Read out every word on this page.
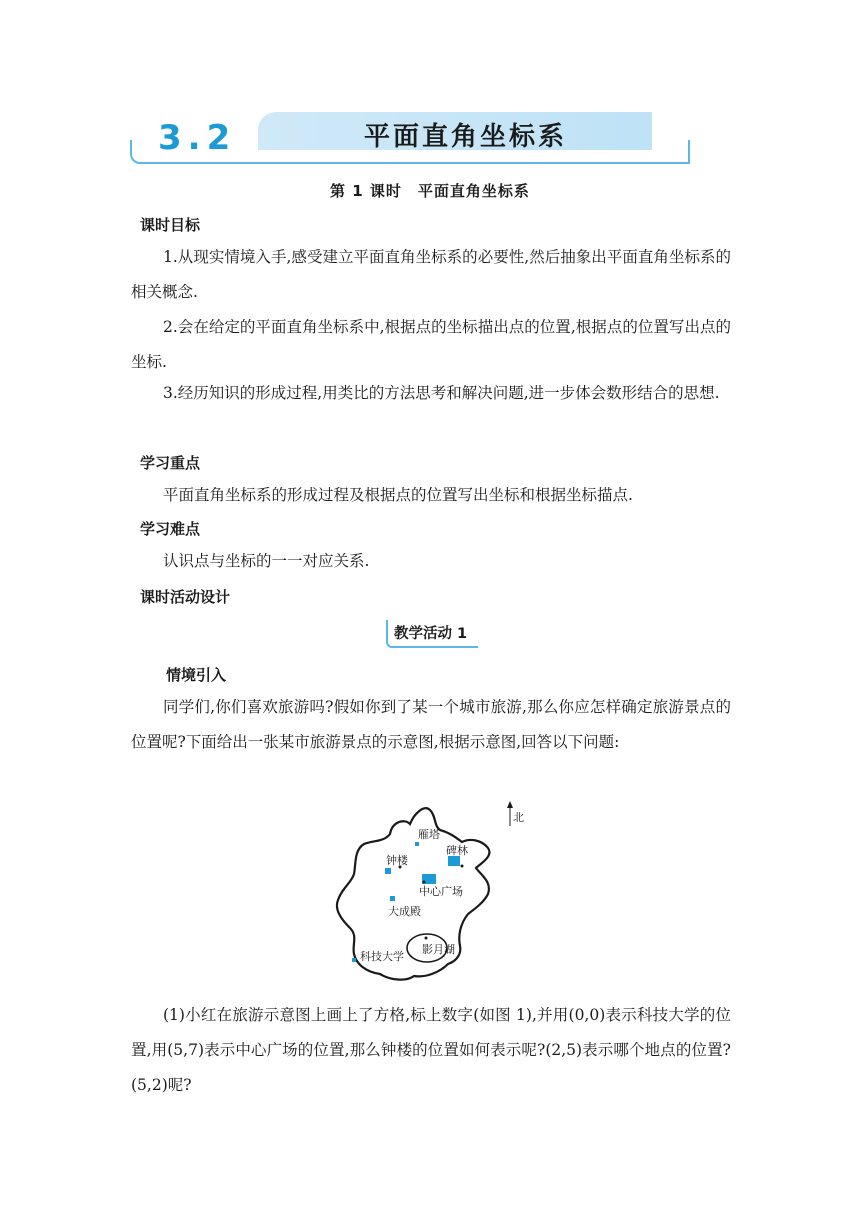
3.2	平面直角坐标系
第 1 课时　平面直角坐标系
课时目标
1.从现实情境入手,感受建立平面直角坐标系的必要性,然后抽象出平面直角坐标系的相关概念.
2.会在给定的平面直角坐标系中,根据点的坐标描出点的位置,根据点的位置写出点的坐标.
3.经历知识的形成过程,用类比的方法思考和解决问题,进一步体会数形结合的思想.
学习重点
平面直角坐标系的形成过程及根据点的位置写出坐标和根据坐标描点.
学习难点
认识点与坐标的一一对应关系.
课时活动设计
教学活动 1
情境引入
同学们,你们喜欢旅游吗?假如你到了某一个城市旅游,那么你应怎样确定旅游景点的位置呢?下面给出一张某市旅游景点的示意图,根据示意图,回答以下问题:
北
雁塔
碑林
钟楼
中心广场
大成殿
科技大学
影月湖
(1)小红在旅游示意图上画上了方格,标上数字(如图 1),并用(0,0)表示科技大学的位置,用(5,7)表示中心广场的位置,那么钟楼的位置如何表示呢?(2,5)表示哪个地点的位置?(5,2)呢?
